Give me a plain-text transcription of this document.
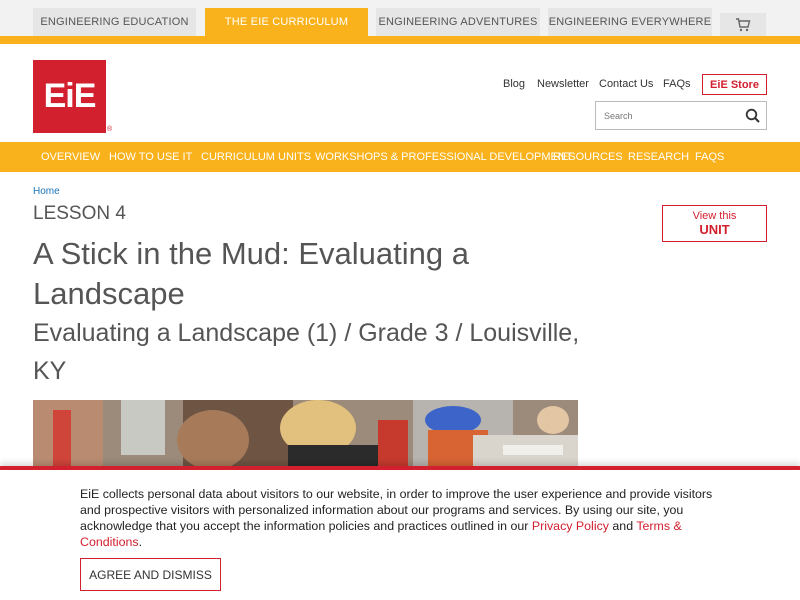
ENGINEERING EDUCATION	THE EIE CURRICULUM	ENGINEERING ADVENTURES ENGINEERING EVERYWHERE
EiE
®
Blog Newsletter Contact Us FAQs	EiE Store
Search
OVERVIEW HOW TO USE IT CURRICULUM UNITS WORKSHOPS & PROFESSIONAL DEVELOPMENT
RESOURCES RESEARCH FAQS
Home
LESSON 4
A Stick in the Mud: Evaluating a Landscape
Evaluating a Landscape (1) / Grade 3 / Louisville, KY
View this
UNIT

EiE collects personal data about visitors to our website, in order to improve the user experience and provide visitors and prospective visitors with personalized information about our programs and services. By using our site, you acknowledge that you accept the information policies and practices outlined in our Privacy Policy and Terms & Conditions.

AGREE AND DISMISS
